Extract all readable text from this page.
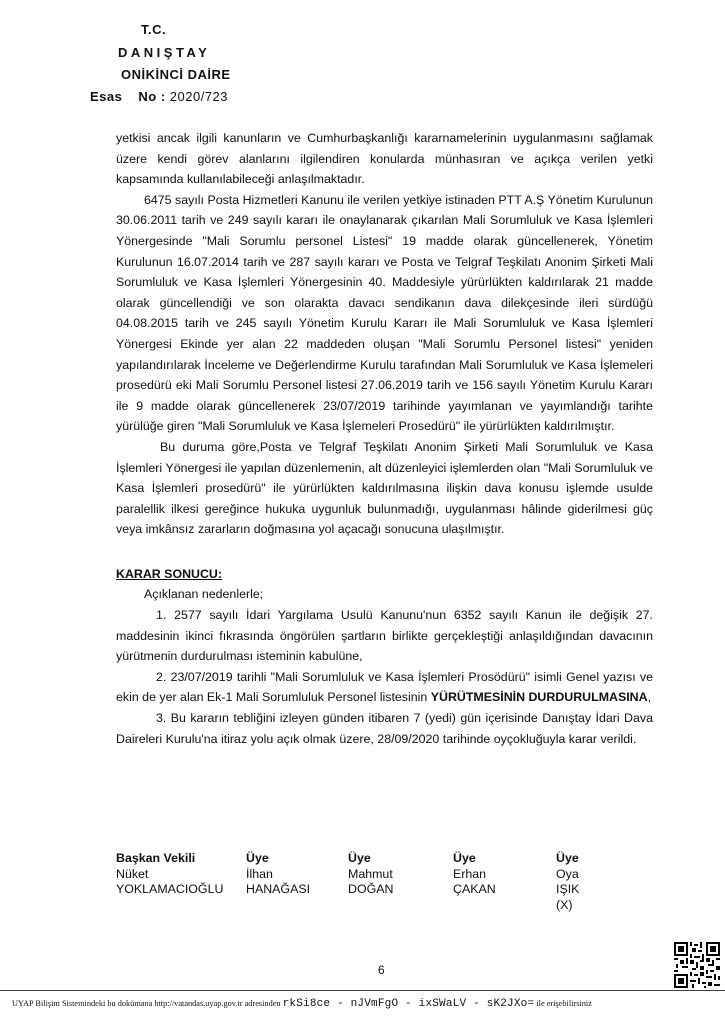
T.C.
DANIŞTAY
ONİKİNCİ DAİRE
Esas No : 2020/723

yetkisi ancak ilgili kanunların ve Cumhurbaşkanlığı kararnamelerinin uygulanmasını sağlamak üzere kendi görev alanlarını ilgilendiren konularda münhasıran ve açıkça verilen yetki kapsamında kullanılabileceği anlaşılmaktadır.

6475 sayılı Posta Hizmetleri Kanunu ile verilen yetkiye istinaden PTT A.Ş Yönetim Kurulunun 30.06.2011 tarih ve 249 sayılı kararı ile onaylanarak çıkarılan Mali Sorumluluk ve Kasa İşlemleri Yönergesinde "Mali Sorumlu personel Listesi" 19 madde olarak güncellenerek, Yönetim Kurulunun 16.07.2014 tarih ve 287 sayılı kararı ve Posta ve Telgraf Teşkilatı Anonim Şirketi Mali Sorumluluk ve Kasa İşlemleri Yönergesinin 40. Maddesiyle yürürlükten kaldırılarak 21 madde olarak güncellendiği ve son olarakta davacı sendikanın dava dilekçesinde ileri sürdüğü 04.08.2015 tarih ve 245 sayılı Yönetim Kurulu Kararı ile Mali Sorumluluk ve Kasa İşlemleri Yönergesi Ekinde yer alan 22 maddeden oluşan "Mali Sorumlu Personel listesi" yeniden yapılandırılarak İnceleme ve Değerlendirme Kurulu tarafından Mali Sorumluluk ve Kasa İşlemeleri prosedürü eki Mali Sorumlu Personel listesi 27.06.2019 tarih ve 156 sayılı Yönetim Kurulu Kararı ile 9 madde olarak güncellenerek 23/07/2019 tarihinde yayımlanan ve yayımlandığı tarihte yürülüğe giren "Mali Sorumluluk ve Kasa İşlemeleri Prosedürü" ile yürürlükten kaldırılmıştır.

Bu duruma göre,Posta ve Telgraf Teşkilatı Anonim Şirketi Mali Sorumluluk ve Kasa İşlemleri Yönergesi ile yapılan düzenlemenin, alt düzenleyici işlemlerden olan "Mali Sorumluluk ve Kasa İşlemleri prosedürü" ile yürürlükten kaldırılmasına ilişkin dava konusu işlemde usulde paralellik ilkesi gereğince hukuka uygunluk bulunmadığı, uygulanması hâlinde giderilmesi güç veya imkânsız zararların doğmasına yol açacağı sonucuna ulaşılmıştır.

KARAR SONUCU:

Açıklanan nedenlerle;

1. 2577 sayılı İdari Yargılama Usulü Kanunu'nun 6352 sayılı Kanun ile değişik 27. maddesinin ikinci fıkrasında öngörülen şartların birlikte gerçekleştiği anlaşıldığından davacının yürütmenin durdurulması isteminin kabulüne,

2. 23/07/2019 tarihli "Mali Sorumluluk ve Kasa İşlemleri Prosödürü" isimli Genel yazısı ve ekin de yer alan Ek-1 Mali Sorumluluk Personel listesinin YÜRÜTMESİNİN DURDURULMASINA,

3. Bu kararın tebliğini izleyen günden itibaren 7 (yedi) gün içerisinde Danıştay İdari Dava Daireleri Kurulu'na itiraz yolu açık olmak üzere, 28/09/2020 tarihinde oyçokluğuyla karar verildi.

Başkan Vekili
Nüket
YOKLAMACIOĞLU
Üye
İlhan
HANAĞASI
Üye
Mahmut
DOĞAN
Üye
Erhan
ÇAKAN
Üye
Oya
IŞIK
(X)
6
UYAP Bilişim Sistemindeki bu dokümana http://vatandas.uyap.gov.tr adresinden rkSi8ce - nJVmFgO - ixSWaLV - sK2JXo= ile erişebilirsiniz
